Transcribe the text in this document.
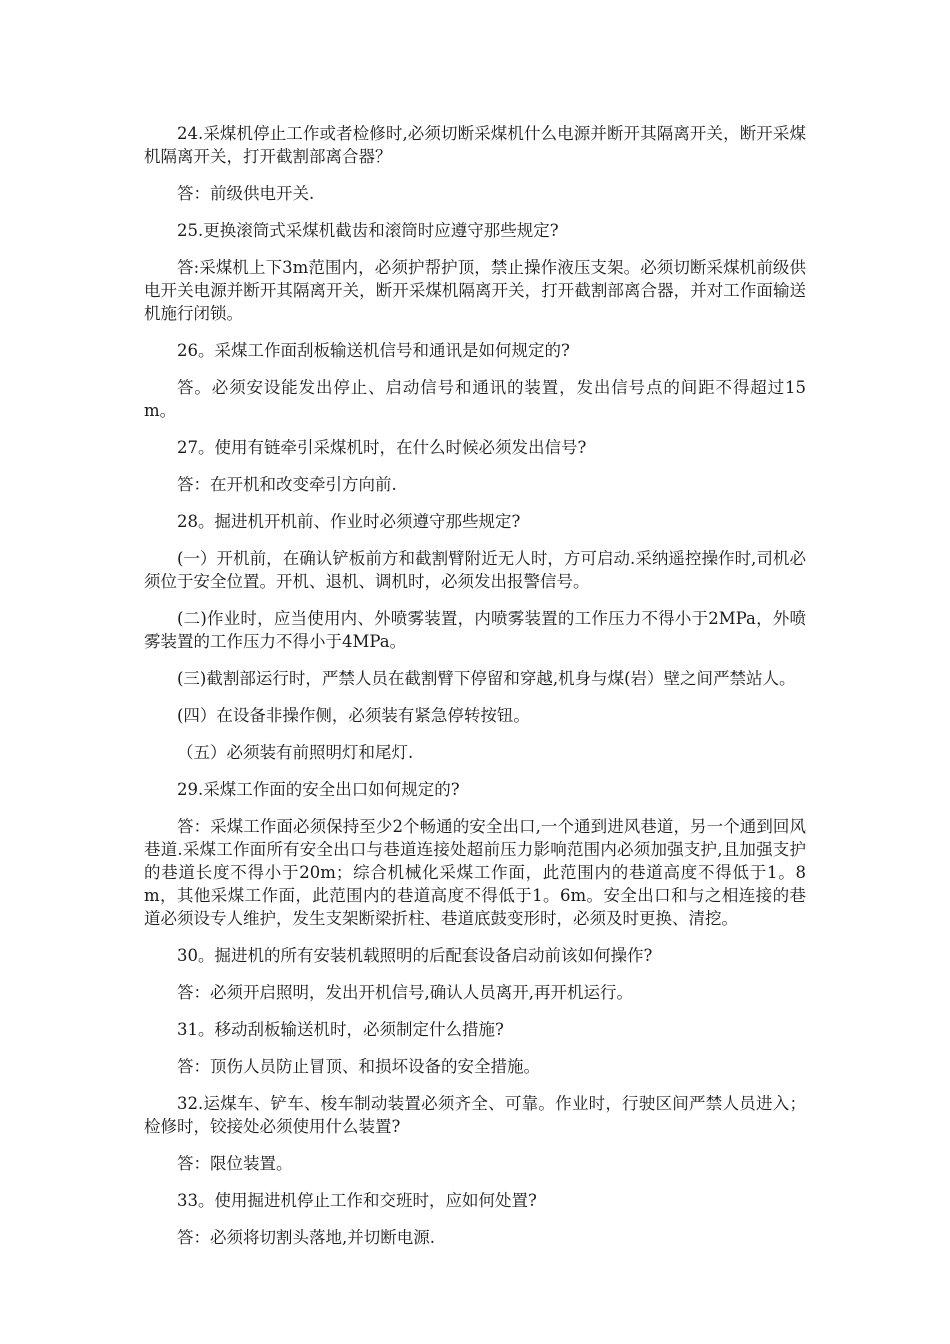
24.采煤机停止工作或者检修时,必须切断采煤机什么电源并断开其隔离开关，断开采煤机隔离开关，打开截割部离合器？

答：前级供电开关.

25.更换滚筒式采煤机截齿和滚筒时应遵守那些规定?

答:采煤机上下3m范围内，必须护帮护顶，禁止操作液压支架。必须切断采煤机前级供电开关电源并断开其隔离开关，断开采煤机隔离开关，打开截割部离合器，并对工作面输送机施行闭锁。

26。采煤工作面刮板输送机信号和通讯是如何规定的?

答。必须安设能发出停止、启动信号和通讯的装置，发出信号点的间距不得超过15m。

27。使用有链牵引采煤机时，在什么时候必须发出信号?

答：在开机和改变牵引方向前.

28。掘进机开机前、作业时必须遵守那些规定?

(一）开机前，在确认铲板前方和截割臂附近无人时，方可启动.采纳遥控操作时,司机必须位于安全位置。开机、退机、调机时，必须发出报警信号。

(二)作业时，应当使用内、外喷雾装置，内喷雾装置的工作压力不得小于2MPa，外喷雾装置的工作压力不得小于4MPa。

(三)截割部运行时，严禁人员在截割臂下停留和穿越,机身与煤(岩）壁之间严禁站人。

(四）在设备非操作侧，必须装有紧急停转按钮。

（五）必须装有前照明灯和尾灯.

29.采煤工作面的安全出口如何规定的?

答：采煤工作面必须保持至少2个畅通的安全出口,一个通到进风巷道，另一个通到回风巷道.采煤工作面所有安全出口与巷道连接处超前压力影响范围内必须加强支护,且加强支护的巷道长度不得小于20m；综合机械化采煤工作面，此范围内的巷道高度不得低于1。8m，其他采煤工作面，此范围内的巷道高度不得低于1。6m。安全出口和与之相连接的巷道必须设专人维护，发生支架断梁折柱、巷道底鼓变形时，必须及时更换、清挖。

30。掘进机的所有安装机载照明的后配套设备启动前该如何操作?

答：必须开启照明，发出开机信号,确认人员离开,再开机运行。

31。移动刮板输送机时，必须制定什么措施?

答：顶伤人员防止冒顶、和损坏设备的安全措施。

32.运煤车、铲车、梭车制动装置必须齐全、可靠。作业时，行驶区间严禁人员进入；检修时，铰接处必须使用什么装置?

答：限位装置。

33。使用掘进机停止工作和交班时，应如何处置?

答：必须将切割头落地,并切断电源.
